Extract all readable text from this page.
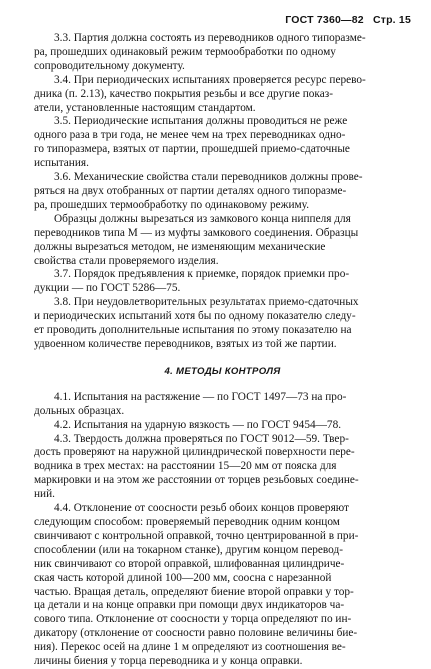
ГОСТ 7360—82 Стр. 15
3.3. Партия должна состоять из переводников одного типоразме-
ра, прошедших одинаковый режим термообработки по одному
сопроводительному документу.
3.4. При периодических испытаниях проверяется ресурс перево-
дника (п. 2.13), качество покрытия резьбы и все другие показ-
атели, установленные настоящим стандартом.
3.5. Периодические испытания должны проводиться не реже
одного раза в три года, не менее чем на трех переводниках одно-
го типоразмера, взятых от партии, прошедшей приемо-сдаточные
испытания.
3.6. Механические свойства стали переводников должны прове-
ряться на двух отобранных от партии деталях одного типоразме-
ра, прошедших термообработку по одинаковому режиму.
Образцы должны вырезаться из замкового конца ниппеля для
переводников типа М — из муфты замкового соединения. Образцы
должны вырезаться методом, не изменяющим механические
свойства стали проверяемого изделия.
3.7. Порядок предъявления к приемке, порядок приемки про-
дукции — по ГОСТ 5286—75.
3.8. При неудовлетворительных результатах приемо-сдаточных
и периодических испытаний хотя бы по одному показателю следу-
ет проводить дополнительные испытания по этому показателю на
удвоенном количестве переводников, взятых из той же партии.
4. МЕТОДЫ КОНТРОЛЯ
4.1. Испытания на растяжение — по ГОСТ 1497—73 на про-
дольных образцах.
4.2. Испытания на ударную вязкость — по ГОСТ 9454—78.
4.3. Твердость должна проверяться по ГОСТ 9012—59. Твер-
дость проверяют на наружной цилиндрической поверхности пере-
водника в трех местах: на расстоянии 15—20 мм от пояска для
маркировки и на этом же расстоянии от торцев резьбовых соедине-
ний.
4.4. Отклонение от соосности резьб обоих концов проверяют
следующим способом: проверяемый переводник одним концом
свинчивают с контрольной оправкой, точно центрированной в при-
способлении (или на токарном станке), другим концом перевод-
ник свинчивают со второй оправкой, шлифованная цилиндриче-
ская часть которой длиной 100—200 мм, соосна с нарезанной
частью. Вращая деталь, определяют биение второй оправки у тор-
ца детали и на конце оправки при помощи двух индикаторов ча-
сового типа. Отклонение от соосности у торца определяют по ин-
дикатору (отклонение от соосности равно половине величины бие-
ния). Перекос осей на длине 1 м определяют из соотношения ве-
личины биения у торца переводника и у конца оправки.
